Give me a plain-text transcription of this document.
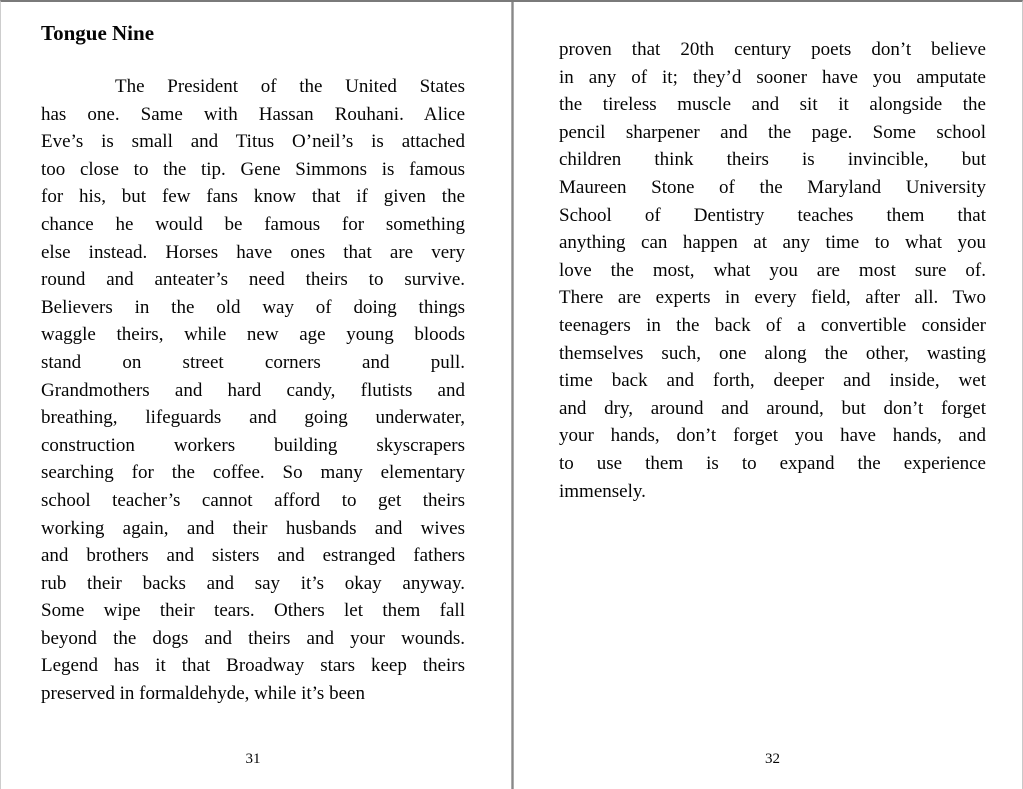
Tongue Nine
The President of the United States
has one. Same with Hassan Rouhani. Alice
Eve’s is small and Titus O’neil’s is attached
too close to the tip. Gene Simmons is famous
for his, but few fans know that if given the
chance he would be famous for something
else instead. Horses have ones that are very
round and anteater’s need theirs to survive.
Believers in the old way of doing things
waggle theirs, while new age young bloods
stand on street corners and pull.
Grandmothers and hard candy, flutists and
breathing, lifeguards and going underwater,
construction workers building skyscrapers
searching for the coffee. So many elementary
school teacher’s cannot afford to get theirs
working again, and their husbands and wives
and brothers and sisters and estranged fathers
rub their backs and say it’s okay anyway.
Some wipe their tears. Others let them fall
beyond the dogs and theirs and your wounds.
Legend has it that Broadway stars keep theirs
preserved in formaldehyde, while it’s been
31
proven that 20th century poets don’t believe
in any of it; they’d sooner have you amputate
the tireless muscle and sit it alongside the
pencil sharpener and the page. Some school
children think theirs is invincible, but
Maureen Stone of the Maryland University
School of Dentistry teaches them that
anything can happen at any time to what you
love the most, what you are most sure of.
There are experts in every field, after all. Two
teenagers in the back of a convertible consider
themselves such, one along the other, wasting
time back and forth, deeper and inside, wet
and dry, around and around, but don’t forget
your hands, don’t forget you have hands, and
to use them is to expand the experience
immensely.
32
